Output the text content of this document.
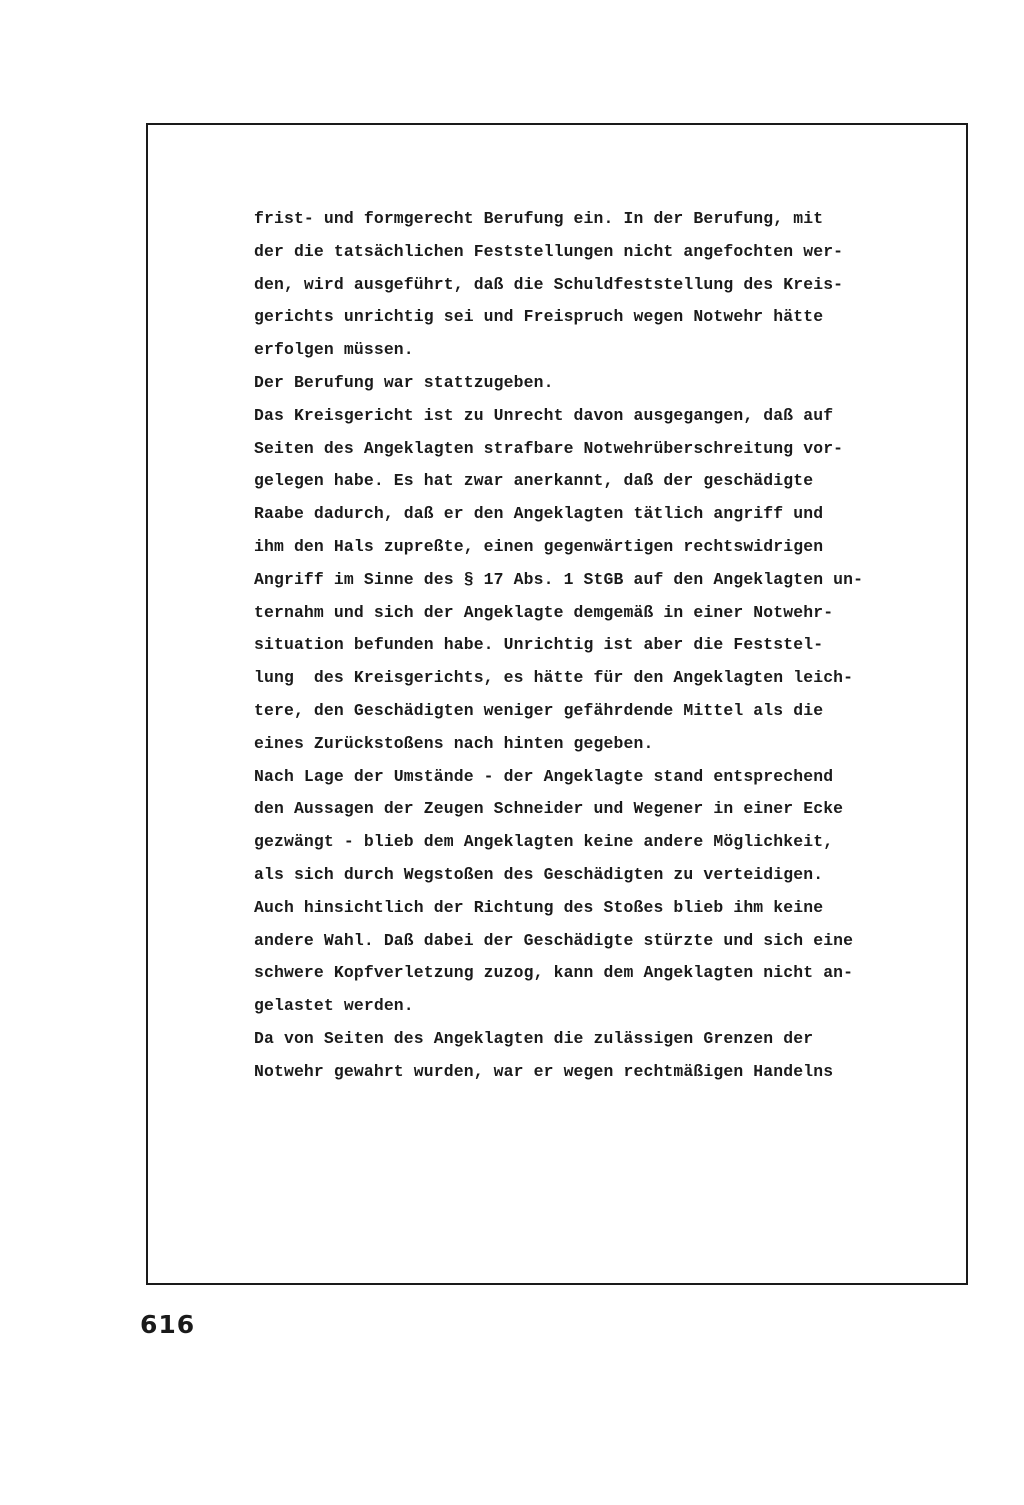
frist- und formgerecht Berufung ein. In der Berufung, mit
der die tatsächlichen Feststellungen nicht angefochten wer-
den, wird ausgeführt, daß die Schuldfeststellung des Kreis-
gerichts unrichtig sei und Freispruch wegen Notwehr hätte
erfolgen müssen.
Der Berufung war stattzugeben.
Das Kreisgericht ist zu Unrecht davon ausgegangen, daß auf
Seiten des Angeklagten strafbare Notwehrüberschreitung vor-
gelegen habe. Es hat zwar anerkannt, daß der geschädigte
Raabe dadurch, daß er den Angeklagten tätlich angriff und
ihm den Hals zupreßte, einen gegenwärtigen rechtswidrigen
Angriff im Sinne des § 17 Abs. 1 StGB auf den Angeklagten un-
ternahm und sich der Angeklagte demgemäß in einer Notwehr-
situation befunden habe. Unrichtig ist aber die Feststel-
lung  des Kreisgerichts, es hätte für den Angeklagten leich-
tere, den Geschädigten weniger gefährdende Mittel als die
eines Zurückstoßens nach hinten gegeben.
Nach Lage der Umstände - der Angeklagte stand entsprechend
den Aussagen der Zeugen Schneider und Wegener in einer Ecke
gezwängt - blieb dem Angeklagten keine andere Möglichkeit,
als sich durch Wegstoßen des Geschädigten zu verteidigen.
Auch hinsichtlich der Richtung des Stoßes blieb ihm keine
andere Wahl. Daß dabei der Geschädigte stürzte und sich eine
schwere Kopfverletzung zuzog, kann dem Angeklagten nicht an-
gelastet werden.
Da von Seiten des Angeklagten die zulässigen Grenzen der
Notwehr gewahrt wurden, war er wegen rechtmäßigen Handelns
616
